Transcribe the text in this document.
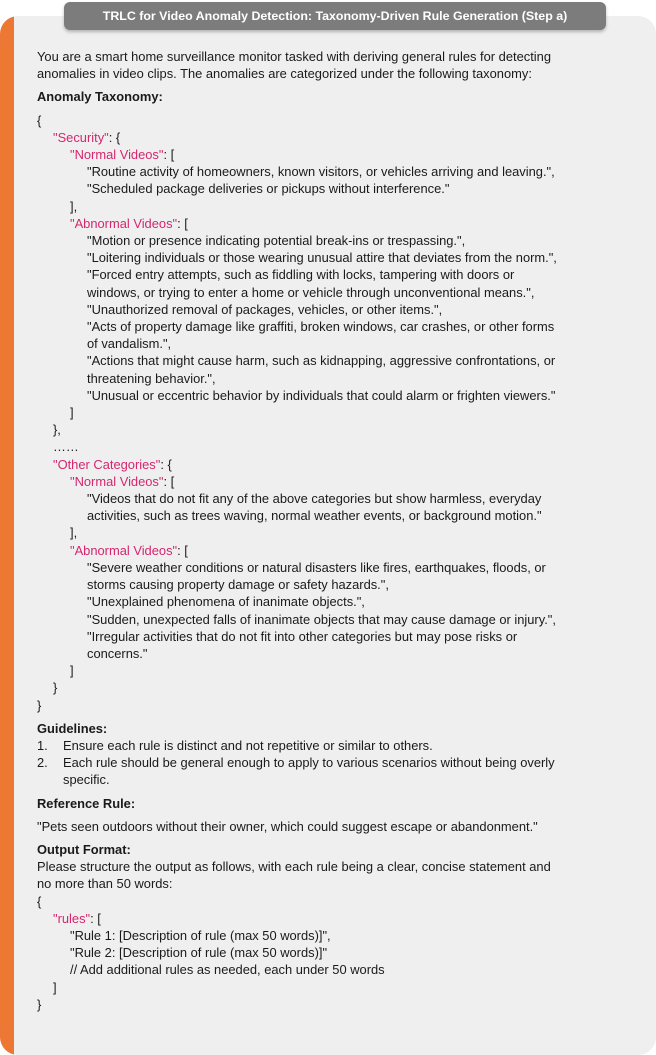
TRLC for Video Anomaly Detection: Taxonomy-Driven Rule Generation (Step a)

You are a smart home surveillance monitor tasked with deriving general rules for detecting

anomalies in video clips. The anomalies are categorized under the following taxonomy:

Anomaly Taxonomy:

{

"Security": {

"Normal Videos": [

"Routine activity of homeowners, known visitors, or vehicles arriving and leaving.",

"Scheduled package deliveries or pickups without interference."

],

"Abnormal Videos": [

"Motion or presence indicating potential break-ins or trespassing.",

"Loitering individuals or those wearing unusual attire that deviates from the norm.",

"Forced entry attempts, such as fiddling with locks, tampering with doors or

windows, or trying to enter a home or vehicle through unconventional means.",

"Unauthorized removal of packages, vehicles, or other items.",

"Acts of property damage like graffiti, broken windows, car crashes, or other forms

of vandalism.",

"Actions that might cause harm, such as kidnapping, aggressive confrontations, or

threatening behavior.",

"Unusual or eccentric behavior by individuals that could alarm or frighten viewers."

]

},

……

"Other Categories": {

"Normal Videos": [

"Videos that do not fit any of the above categories but show harmless, everyday

activities, such as trees waving, normal weather events, or background motion."

],

"Abnormal Videos": [

"Severe weather conditions or natural disasters like fires, earthquakes, floods, or

storms causing property damage or safety hazards.",

"Unexplained phenomena of inanimate objects.",

"Sudden, unexpected falls of inanimate objects that may cause damage or injury.",

"Irregular activities that do not fit into other categories but may pose risks or

concerns."

]

}

}

Guidelines:

1.	Ensure each rule is distinct and not repetitive or similar to others.

2.	Each rule should be general enough to apply to various scenarios without being overly

specific.

Reference Rule:

"Pets seen outdoors without their owner, which could suggest escape or abandonment."

Output Format:

Please structure the output as follows, with each rule being a clear, concise statement and

no more than 50 words:

{

"rules": [

"Rule 1: [Description of rule (max 50 words)]",

"Rule 2: [Description of rule (max 50 words)]"

// Add additional rules as needed, each under 50 words

]

}
